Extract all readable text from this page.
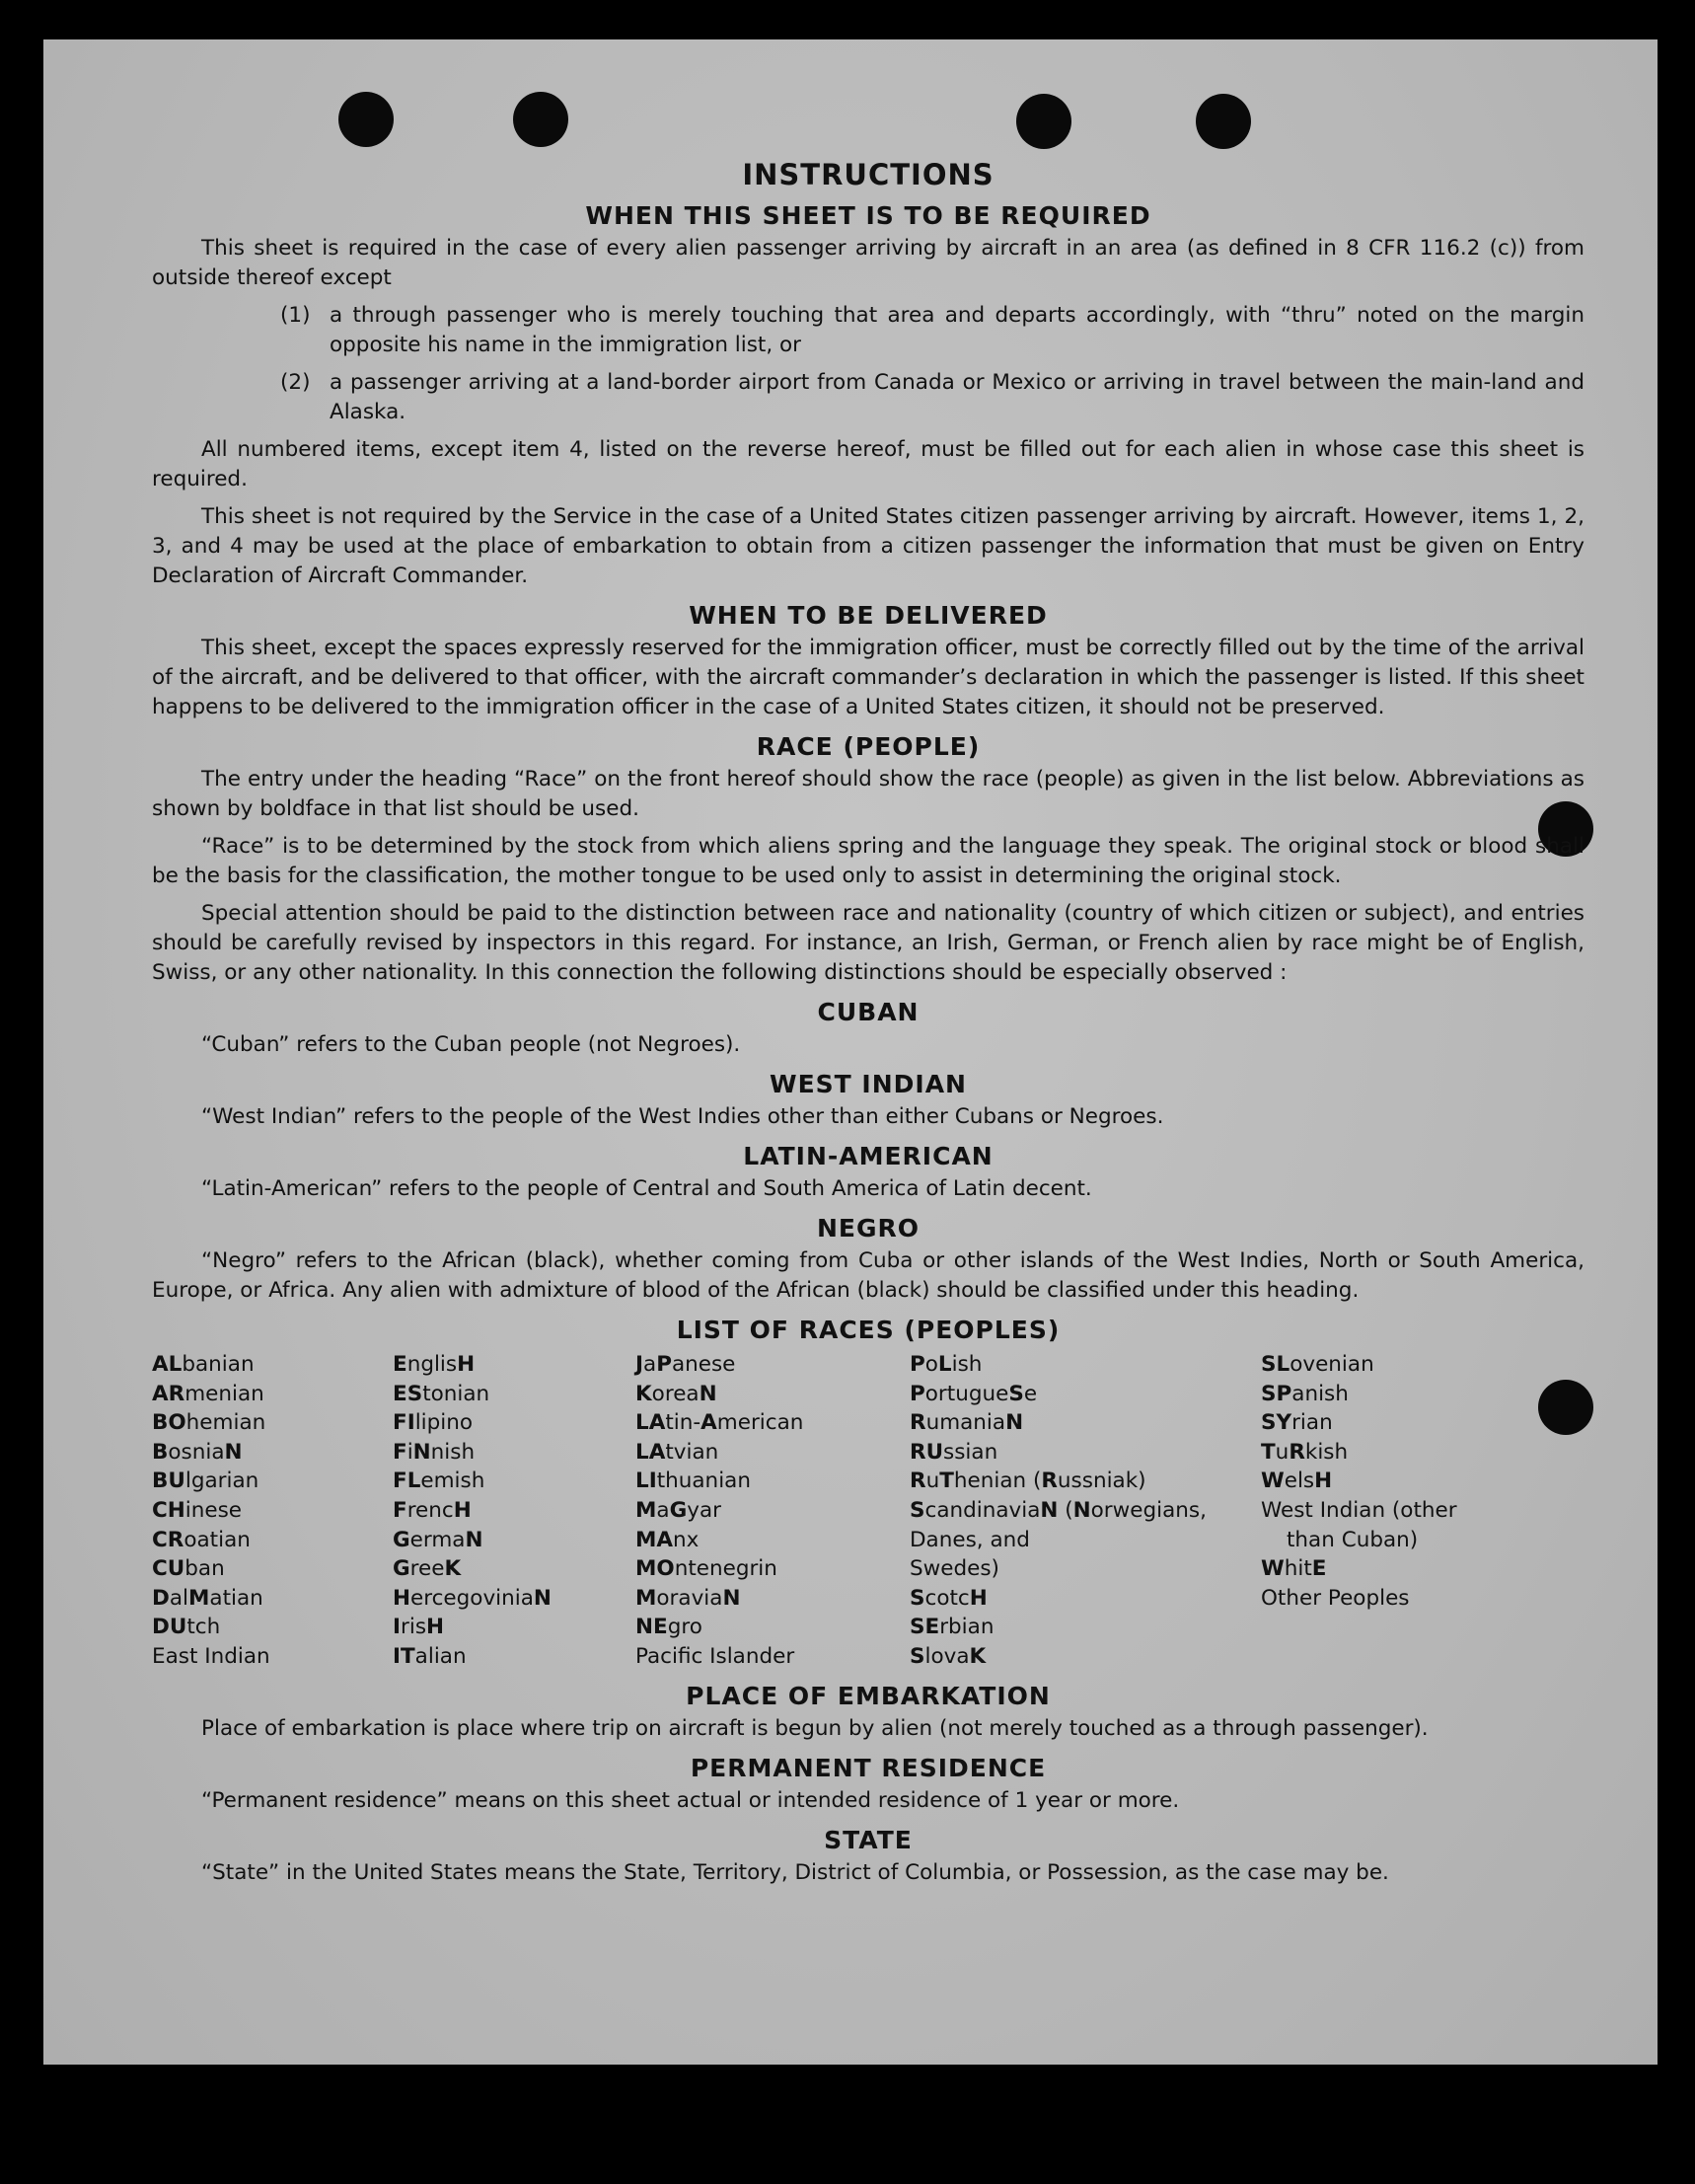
INSTRUCTIONS
WHEN THIS SHEET IS TO BE REQUIRED

This sheet is required in the case of every alien passenger arriving by aircraft in an area (as defined in 8 CFR 116.2 (c)) from outside thereof except

(1) a through passenger who is merely touching that area and departs accordingly, with “thru” noted on the margin opposite his name in the immigration list, or
(2) a passenger arriving at a land-border airport from Canada or Mexico or arriving in travel between the main-land and Alaska.

All numbered items, except item 4, listed on the reverse hereof, must be filled out for each alien in whose case this sheet is required.

This sheet is not required by the Service in the case of a United States citizen passenger arriving by aircraft. However, items 1, 2, 3, and 4 may be used at the place of embarkation to obtain from a citizen passenger the information that must be given on Entry Declaration of Aircraft Commander.

WHEN TO BE DELIVERED

This sheet, except the spaces expressly reserved for the immigration officer, must be correctly filled out by the time of the arrival of the aircraft, and be delivered to that officer, with the aircraft commander’s declaration in which the passenger is listed. If this sheet happens to be delivered to the immigration officer in the case of a United States citizen, it should not be preserved.

RACE (PEOPLE)

The entry under the heading “Race” on the front hereof should show the race (people) as given in the list below. Abbreviations as shown by boldface in that list should be used.

“Race” is to be determined by the stock from which aliens spring and the language they speak. The original stock or blood shall be the basis for the classification, the mother tongue to be used only to assist in determining the original stock.

Special attention should be paid to the distinction between race and nationality (country of which citizen or subject), and entries should be carefully revised by inspectors in this regard. For instance, an Irish, German, or French alien by race might be of English, Swiss, or any other nationality. In this connection the following distinctions should be especially observed :

CUBAN

“Cuban” refers to the Cuban people (not Negroes).

WEST INDIAN

“West Indian” refers to the people of the West Indies other than either Cubans or Negroes.

LATIN-AMERICAN

“Latin-American” refers to the people of Central and South America of Latin decent.

NEGRO

“Negro” refers to the African (black), whether coming from Cuba or other islands of the West Indies, North or South America, Europe, or Africa. Any alien with admixture of blood of the African (black) should be classified under this heading.

LIST OF RACES (PEOPLES)
ALbanian
ARmenian
BOhemian
BosniaN
BUlgarian
CHinese
CRoatian
CUban
DalMatian
DUtch
East Indian
EnglisH
EStonian
FIlipino
FiNnish
FLemish
FrencH
GermaN
GreeK
HercegoviniaN
IrisH
ITalian
JaPanese
KoreaN
LAtin-American
LAtvian
LIthuanian
MaGyar
MAnx
MOntenegrin
MoraviaN
NEgro
Pacific Islander
PoLish
PortugueSe
RumaniaN
RUssian
RuThenian (Russniak)
ScandinaviaN (Norwegians,
Danes, and
Swedes)
ScotcH
SErbian
SlovaK
SLovenian
SPanish
SYrian
TuRkish
WelsH
West Indian (other
than Cuban)
WhitE
Other Peoples
PLACE OF EMBARKATION

Place of embarkation is place where trip on aircraft is begun by alien (not merely touched as a through passenger).

PERMANENT RESIDENCE

“Permanent residence” means on this sheet actual or intended residence of 1 year or more.

STATE

“State” in the United States means the State, Territory, District of Columbia, or Possession, as the case may be.
